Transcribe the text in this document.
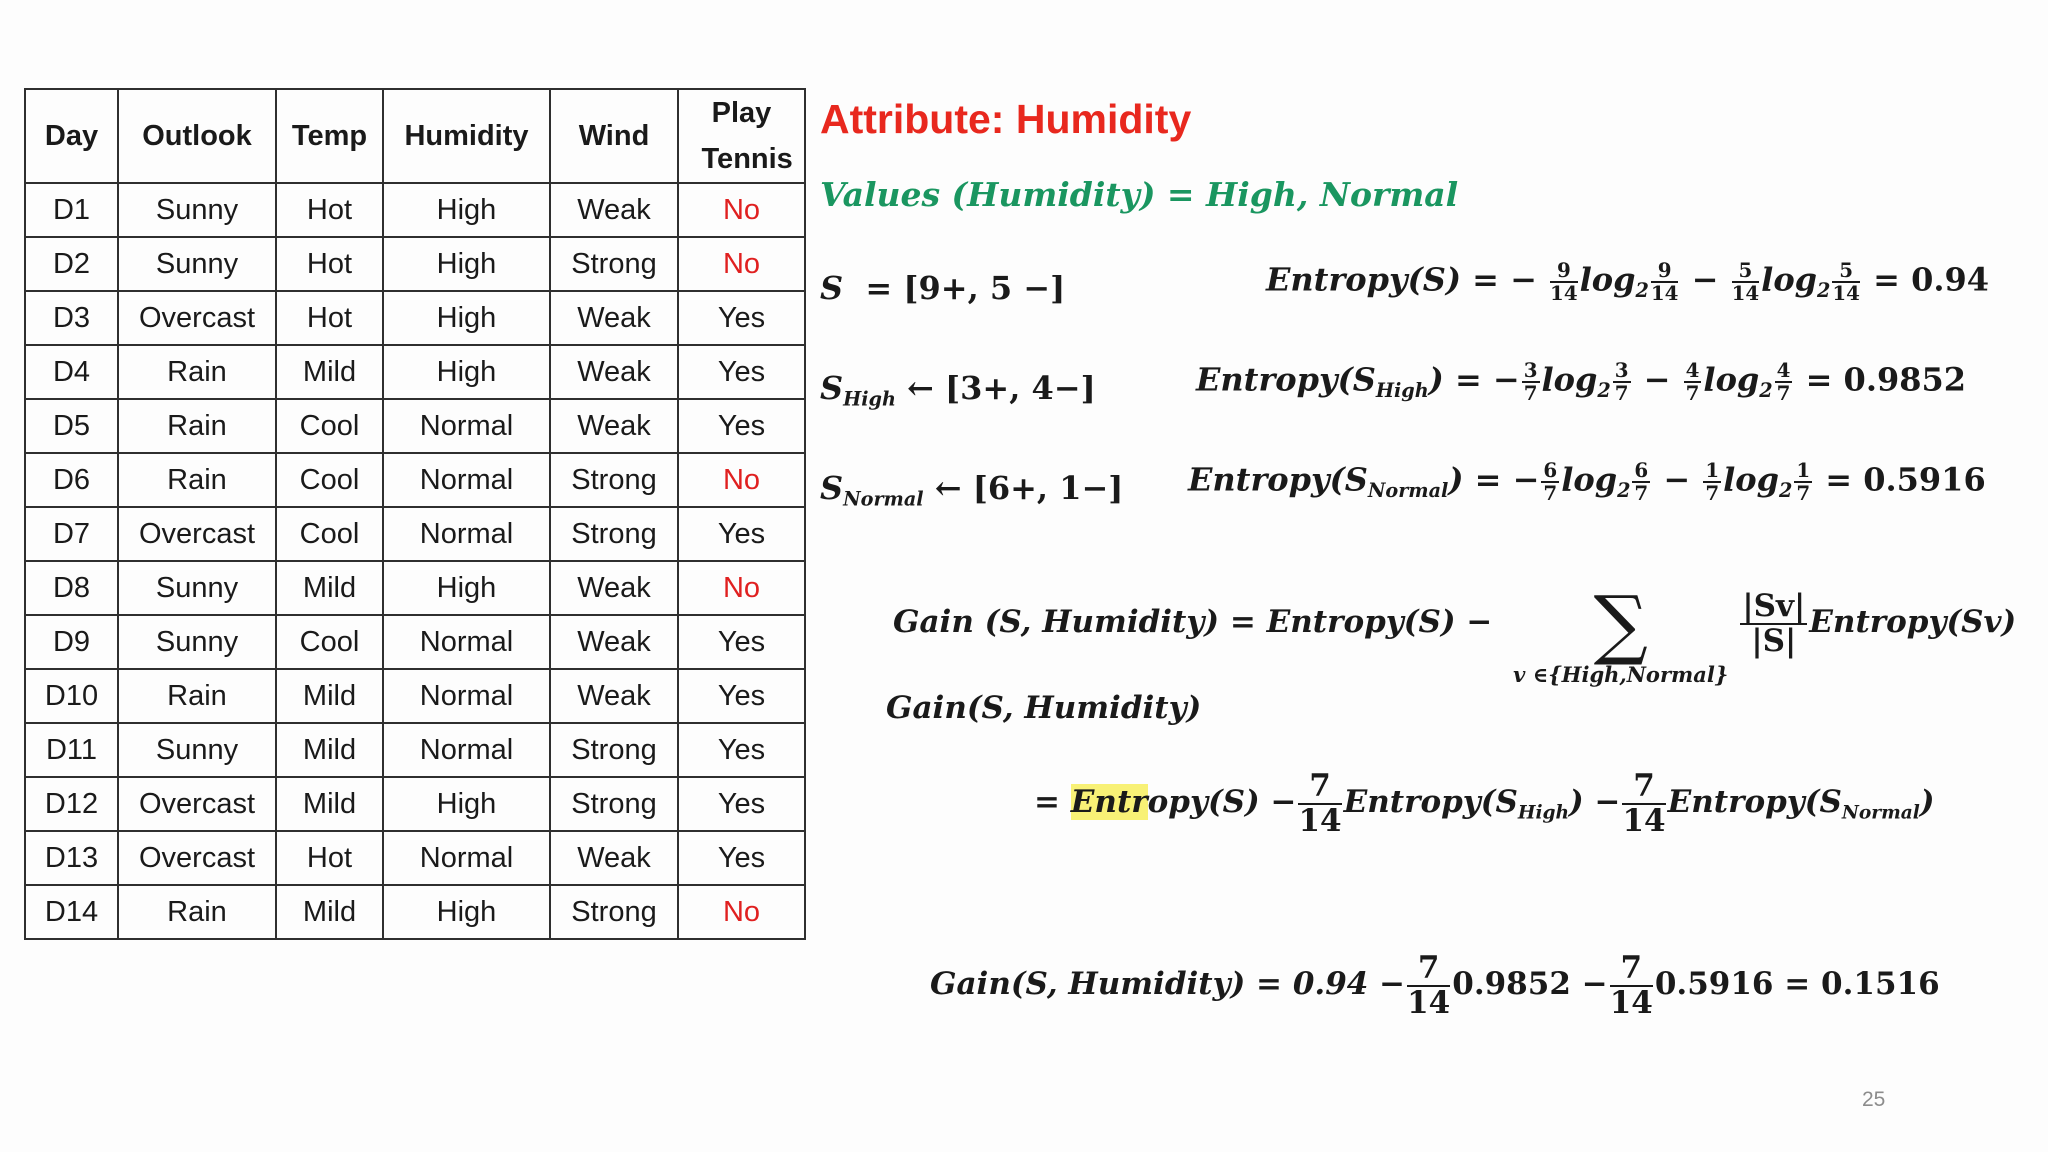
Day	Outlook	Temp	Humidity	Wind	Play Tennis
D1	Sunny	Hot	High	Weak	No
D2	Sunny	Hot	High	Strong	No
D3	Overcast	Hot	High	Weak	Yes
D4	Rain	Mild	High	Weak	Yes
D5	Rain	Cool	Normal	Weak	Yes
D6	Rain	Cool	Normal	Strong	No
D7	Overcast	Cool	Normal	Strong	Yes
D8	Sunny	Mild	High	Weak	No
D9	Sunny	Cool	Normal	Weak	Yes
D10	Rain	Mild	Normal	Weak	Yes
D11	Sunny	Mild	Normal	Strong	Yes
D12	Overcast	Mild	High	Strong	Yes
D13	Overcast	Hot	Normal	Weak	Yes
D14	Rain	Mild	High	Strong	No
Attribute: Humidity
Values (Humidity) = High, Normal
S = [9+, 5 −]	Entropy(S) = − $\frac{9}{14} \log_2 \frac{9}{14} - \frac{5}{14} \log_2 \frac{5}{14} = 0.94$
$S_{High}$ ← [3+, 4−]	$Entropy(S_{High})$ = − $\frac{3}{7} \log_2 \frac{3}{7} - \frac{4}{7} \log_2 \frac{4}{7} = 0.9852$
$S_{Normal}$ ← [6+, 1−] $Entropy(S_{Normal})$ = − $\frac{6}{7} \log_2 \frac{6}{7} - \frac{1}{7} \log_2 \frac{1}{7} = 0.5916$
Gain (S, Humidity) = Entropy(S) −	∑
v ∈{High,Normal}
$\frac{|Sv|}{|S|}$ Entropy(Sv)
Gain(S, Humidity)
= Entropy(S) − $\frac{7}{14}$ $Entropy(S_{High}) - \frac{7}{14}$ $Entropy(S_{Normal})$
Gain(S, Humidity) = $0.94 - \frac{7}{14} 0.9852 - \frac{7}{14} 0.5916 = 0.1516$
25
